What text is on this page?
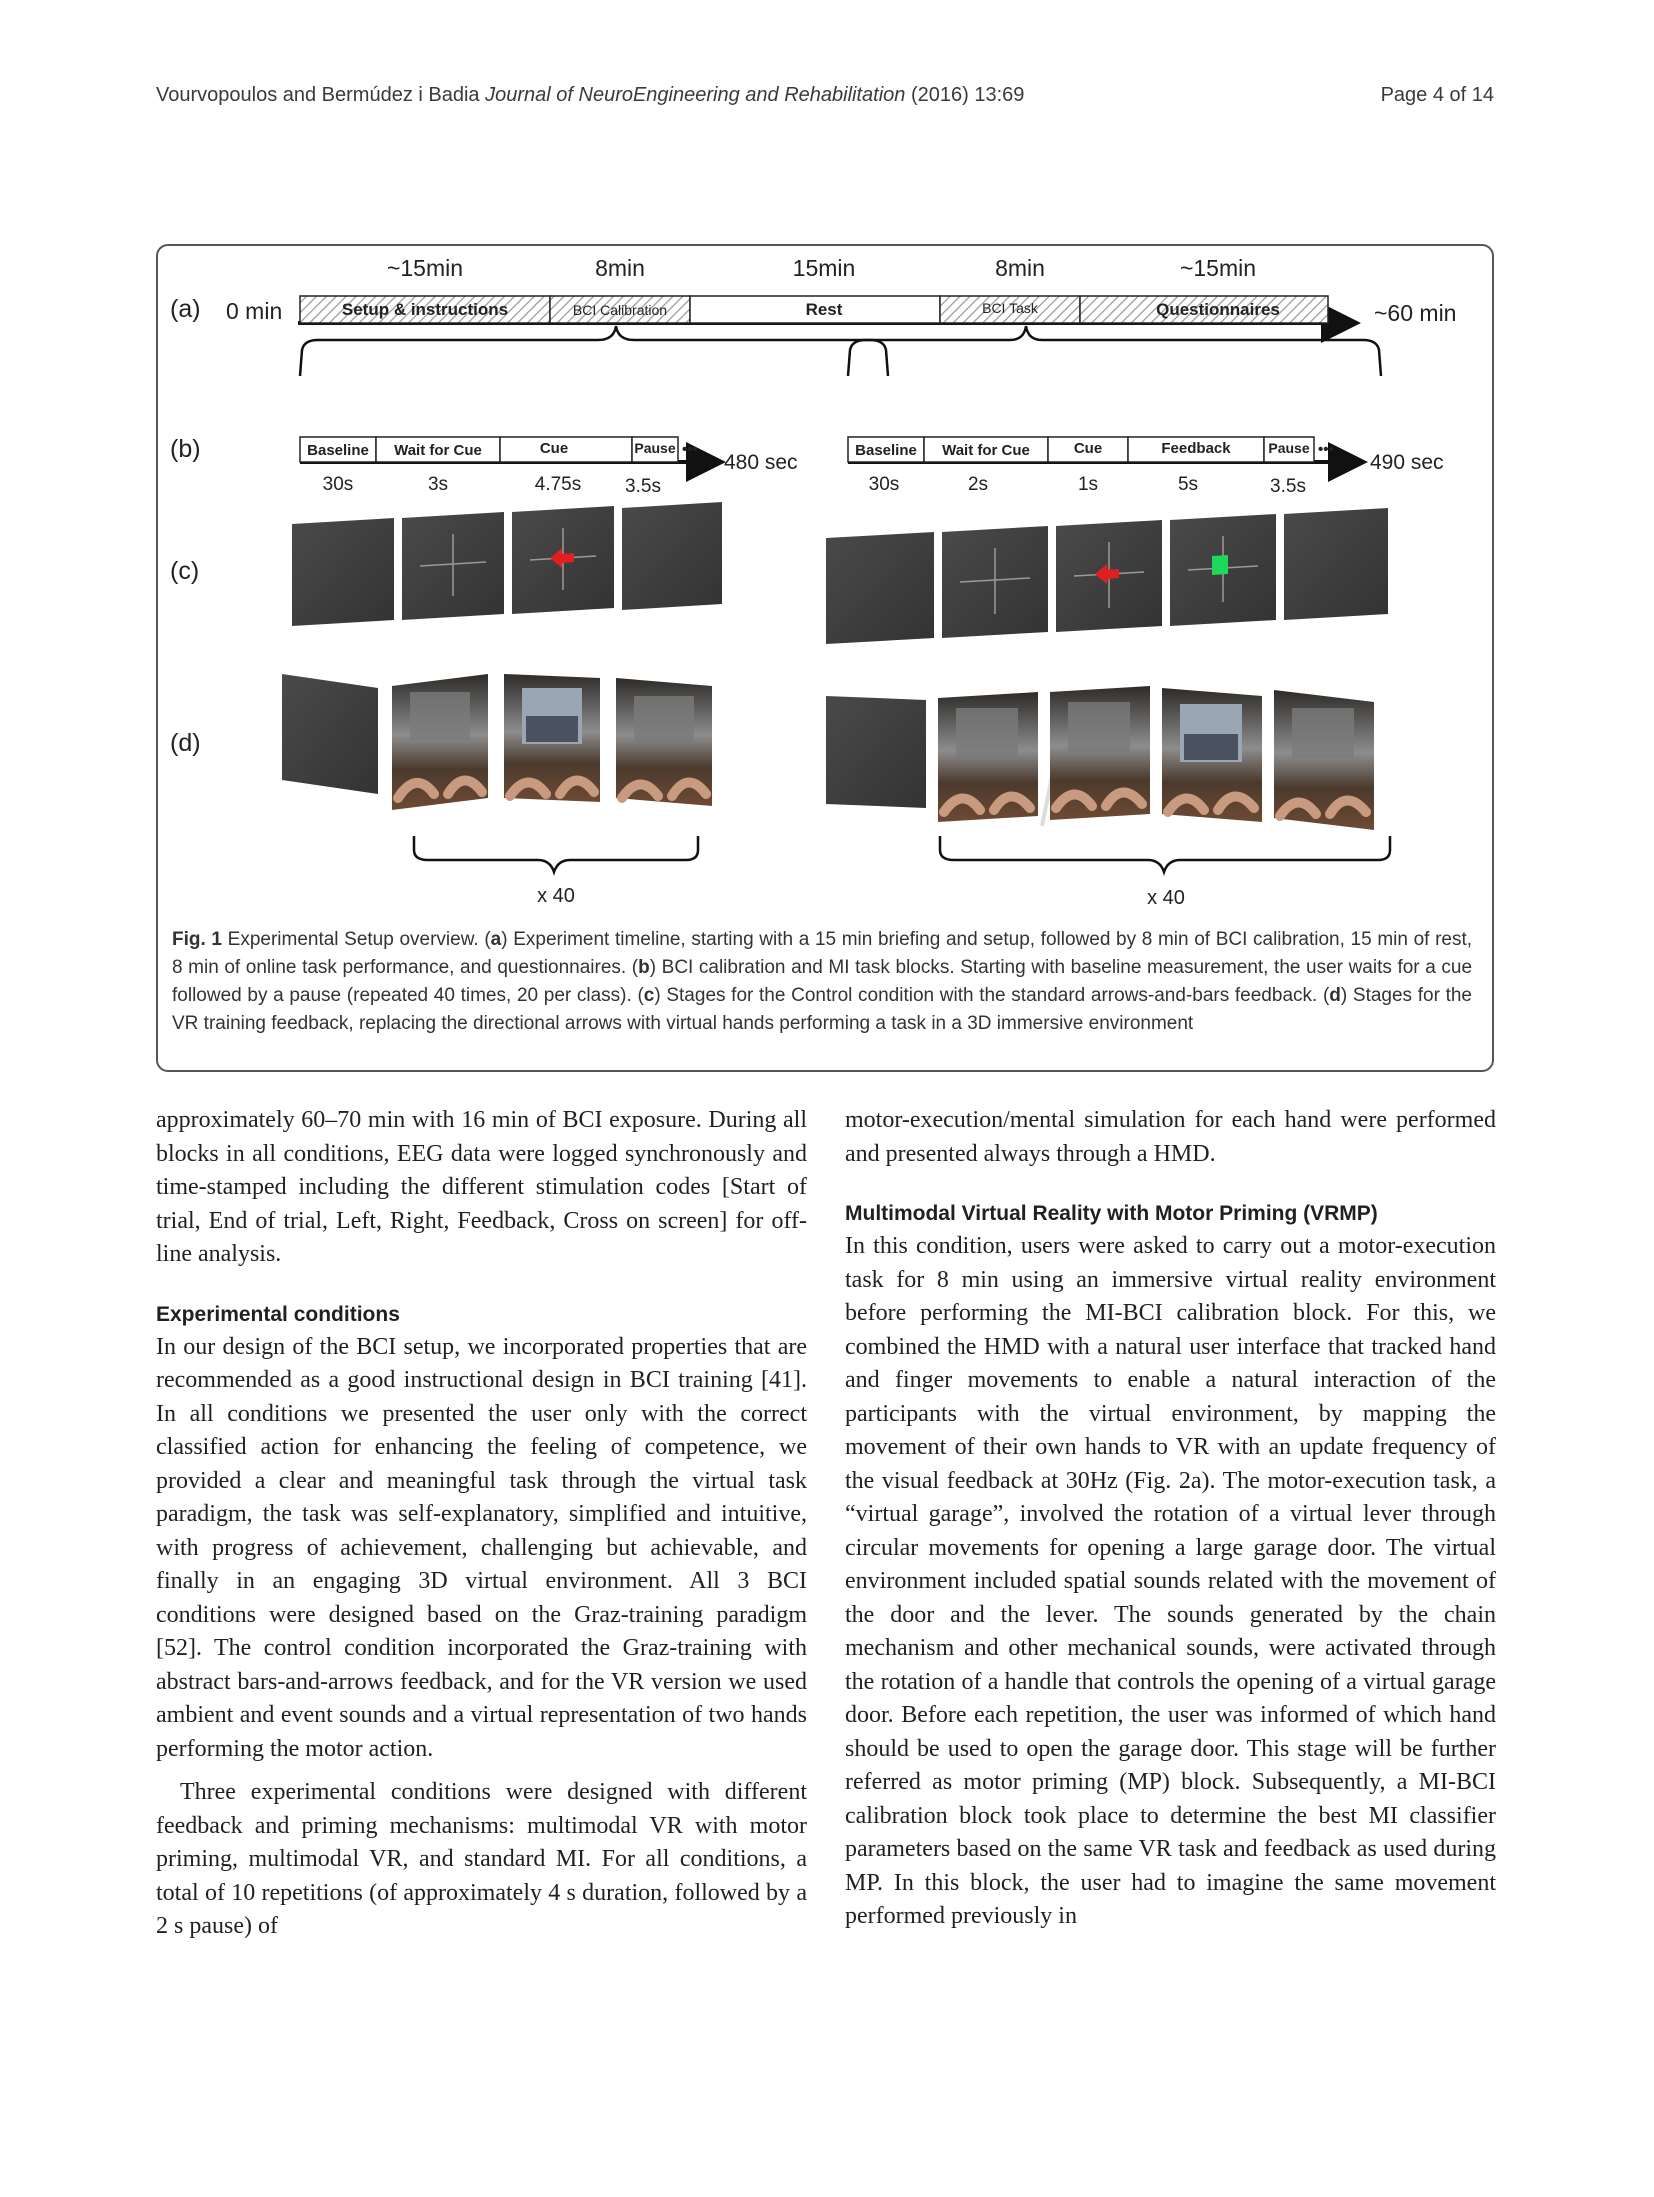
Vourvopoulos and Bermúdez i Badia Journal of NeuroEngineering and Rehabilitation (2016) 13:69	Page 4 of 14
(a)
(b)
(c)
(d)
0 min	~60 min
Setup & instructions
~15min
BCI Calibration
8min
Rest
15min
BCI Task
8min
Questionnaires
~15min
Baseline
30s
Wait for Cue
3s
Cue
4.75s
Pause
3.5s
•••
480 sec
Baseline
30s
Wait for Cue
2s
Cue
1s
Feedback
5s
Pause
3.5s
•••
490 sec
x 40	x 40
Fig. 1 Experimental Setup overview. (a) Experiment timeline, starting with a 15 min briefing and setup, followed by 8 min of BCI calibration, 15 min of rest, 8 min of online task performance, and questionnaires. (b) BCI calibration and MI task blocks. Starting with baseline measurement, the user waits for a cue followed by a pause (repeated 40 times, 20 per class). (c) Stages for the Control condition with the standard arrows-and-bars feedback. (d) Stages for the VR training feedback, replacing the directional arrows with virtual hands performing a task in a 3D immersive environment

approximately 60–70 min with 16 min of BCI exposure. During all blocks in all conditions, EEG data were logged synchronously and time-stamped including the different stimulation codes [Start of trial, End of trial, Left, Right, Feedback, Cross on screen] for off-line analysis.

Experimental conditions

In our design of the BCI setup, we incorporated properties that are recommended as a good instructional design in BCI training [41]. In all conditions we presented the user only with the correct classified action for enhancing the feeling of competence, we provided a clear and meaningful task through the virtual task paradigm, the task was self-explanatory, simplified and intuitive, with progress of achievement, challenging but achievable, and finally in an engaging 3D virtual environment. All 3 BCI conditions were designed based on the Graz-training paradigm [52]. The control condition incorporated the Graz-training with abstract bars-and-arrows feedback, and for the VR version we used ambient and event sounds and a virtual representation of two hands performing the motor action.

Three experimental conditions were designed with different feedback and priming mechanisms: multimodal VR with motor priming, multimodal VR, and standard MI. For all conditions, a total of 10 repetitions (of approximately 4 s duration, followed by a 2 s pause) of

motor-execution/mental simulation for each hand were performed and presented always through a HMD.

Multimodal Virtual Reality with Motor Priming (VRMP)

In this condition, users were asked to carry out a motor-execution task for 8 min using an immersive virtual reality environment before performing the MI-BCI calibration block. For this, we combined the HMD with a natural user interface that tracked hand and finger movements to enable a natural interaction of the participants with the virtual environment, by mapping the movement of their own hands to VR with an update frequency of the visual feedback at 30Hz (Fig. 2a). The motor-execution task, a “virtual garage”, involved the rotation of a virtual lever through circular movements for opening a large garage door. The virtual environment included spatial sounds related with the movement of the door and the lever. The sounds generated by the chain mechanism and other mechanical sounds, were activated through the rotation of a handle that controls the opening of a virtual garage door. Before each repetition, the user was informed of which hand should be used to open the garage door. This stage will be further referred as motor priming (MP) block. Subsequently, a MI-BCI calibration block took place to determine the best MI classifier parameters based on the same VR task and feedback as used during MP. In this block, the user had to imagine the same movement performed previously in
